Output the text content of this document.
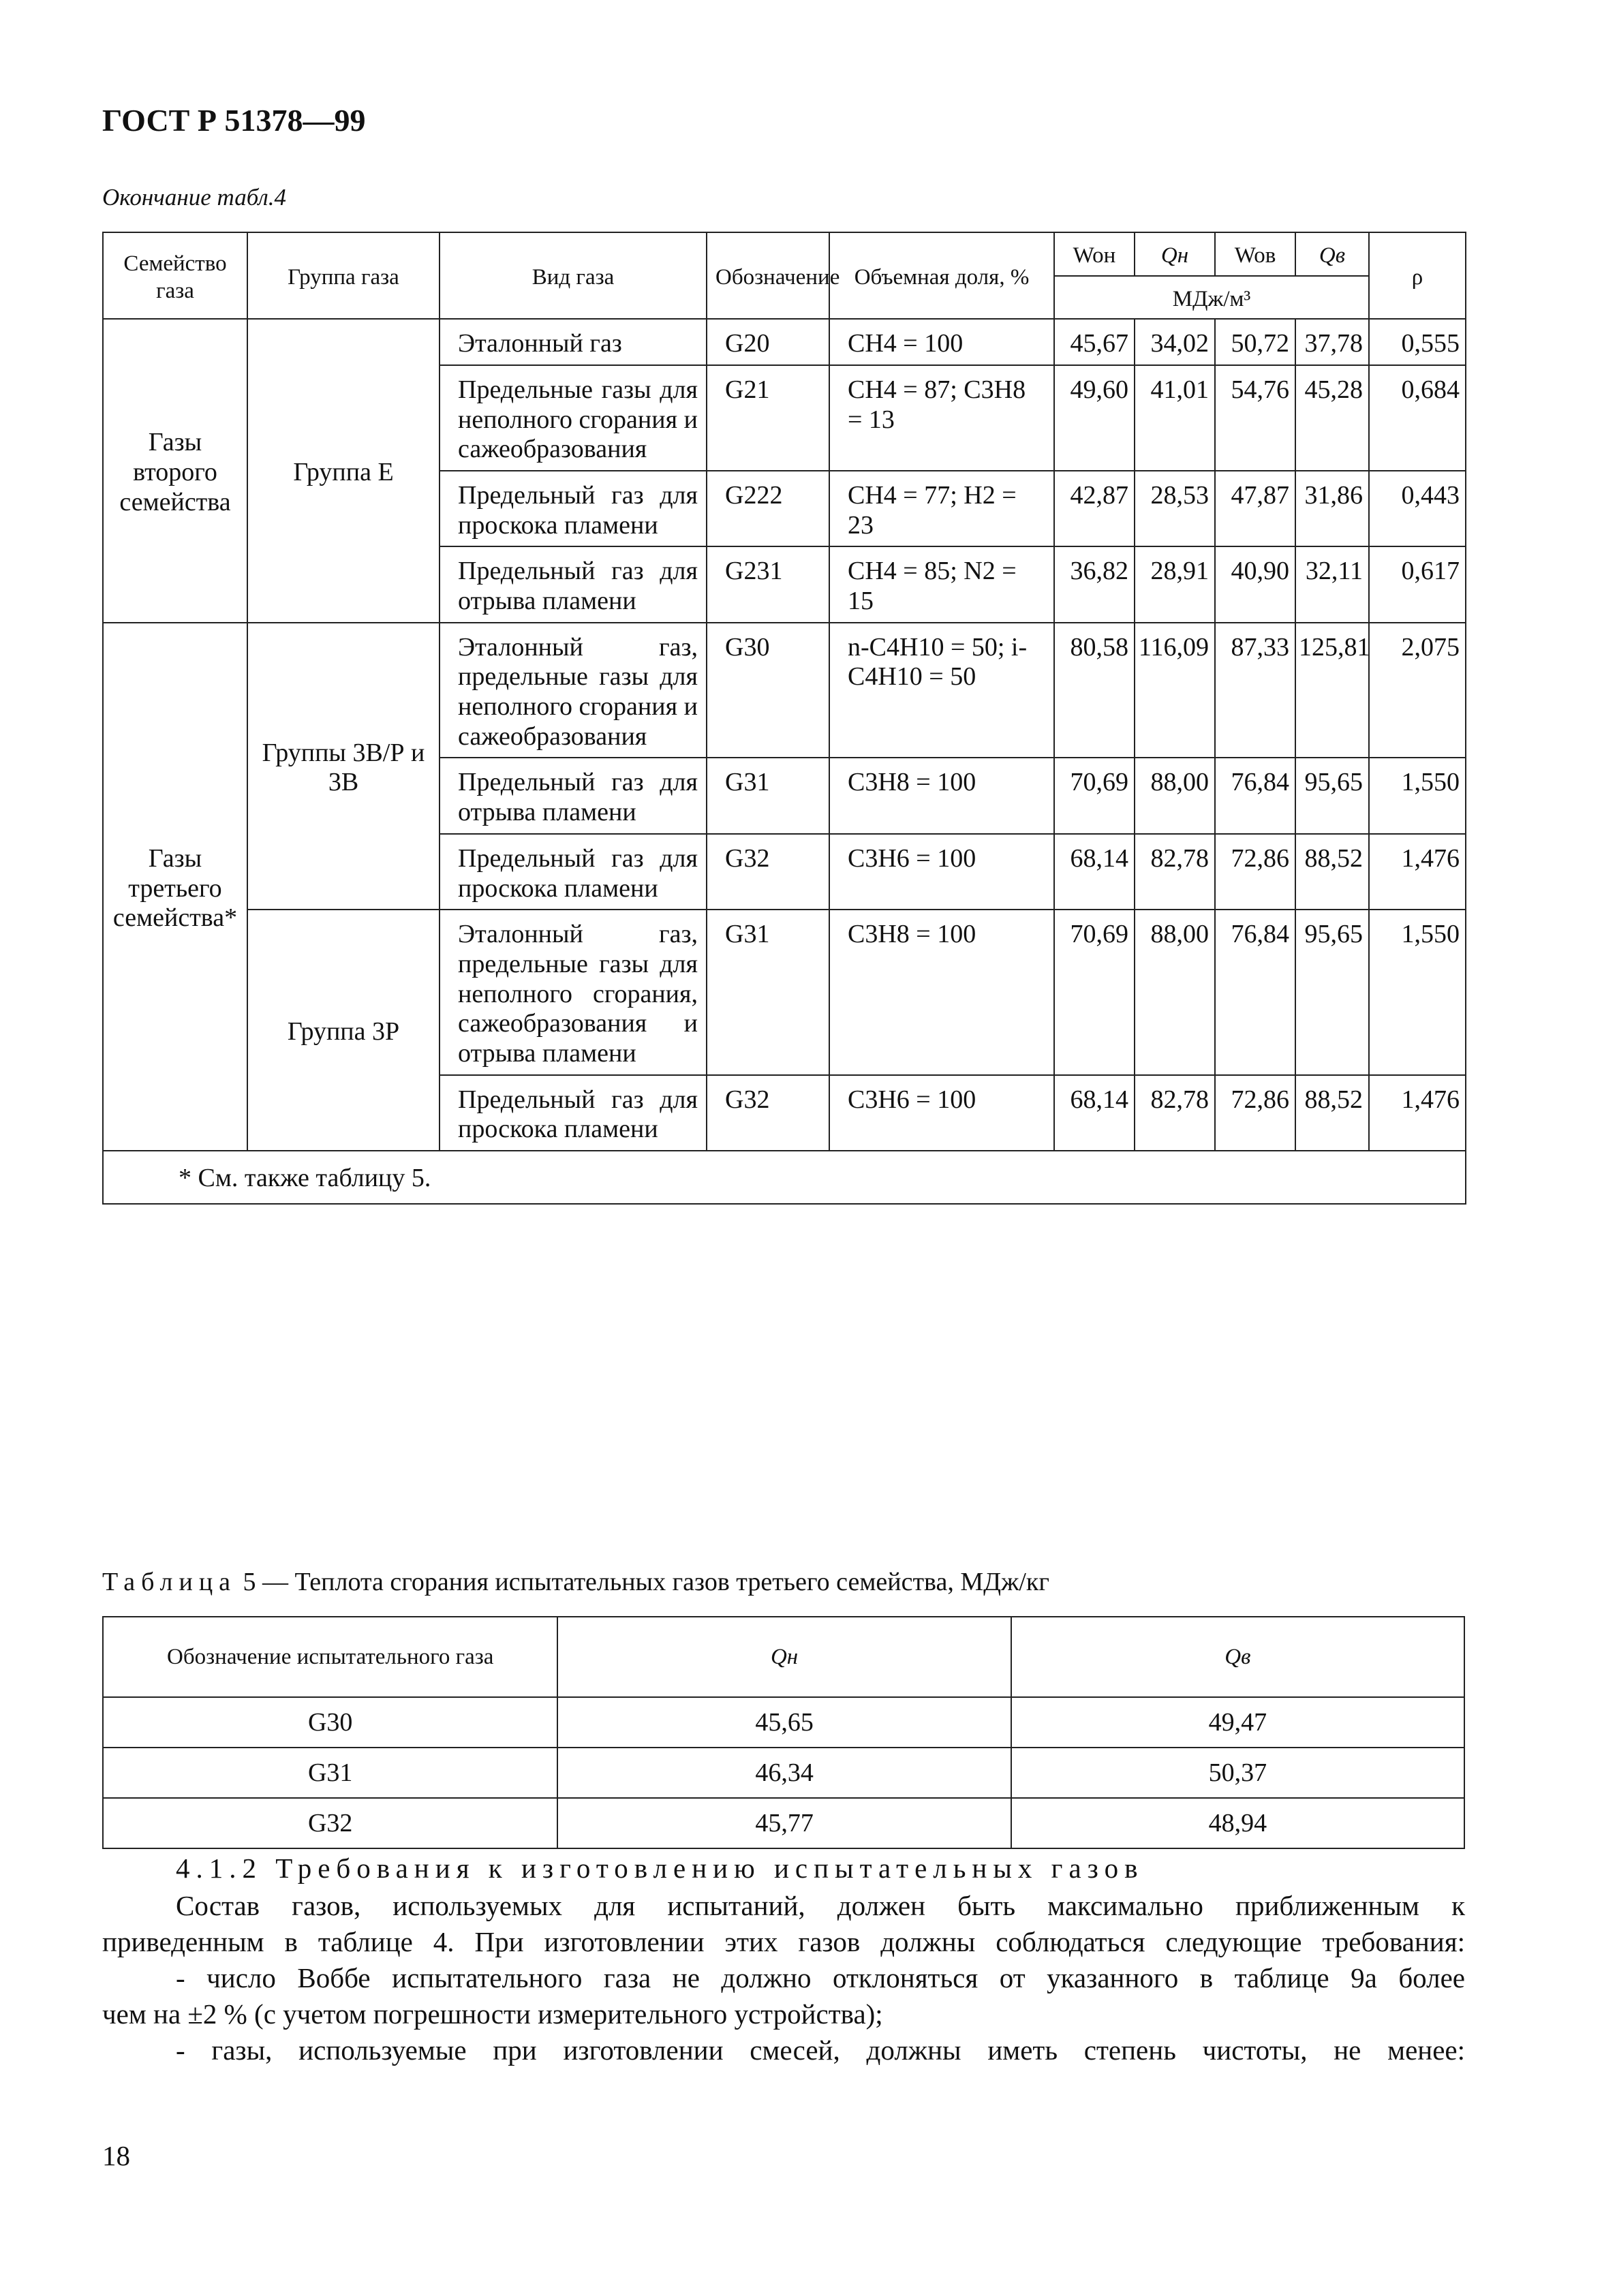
ГОСТ Р 51378—99
Окончание табл.4
Семейство газа	Группа газа	Вид газа	Обозначение	Объемная доля, %	Woн	Qн	Woв	Qв	ρ
					МДж/м³				
Газы второго семейства	Группа Е	Эталонный газ	G20	CH4 = 100	45,67	34,02	50,72	37,78	0,555
		Предельные газы для неполного сгорания и сажеобразования	G21	CH4 = 87; C3H8 = 13	49,60	41,01	54,76	45,28	0,684
		Предельный газ для проскока пламени	G222	CH4 = 77; H2 = 23	42,87	28,53	47,87	31,86	0,443
		Предельный газ для отрыва пламени	G231	CH4 = 85; N2 = 15	36,82	28,91	40,90	32,11	0,617
Газы третьего семейства*	Группы 3В/Р и 3В	Эталонный газ, предельные газы для неполного сгорания и сажеобразования	G30	n-C4H10 = 50; i-C4H10 = 50	80,58	116,09	87,33	125,81	2,075
		Предельный газ для отрыва пламени	G31	C3H8 = 100	70,69	88,00	76,84	95,65	1,550
		Предельный газ для проскока пламени	G32	C3H6 = 100	68,14	82,78	72,86	88,52	1,476
	Группа 3Р	Эталонный газ, предельные газы для неполного сгорания, сажеобразования и отрыва пламени	G31	C3H8 = 100	70,69	88,00	76,84	95,65	1,550
		Предельный газ для проскока пламени	G32	C3H6 = 100	68,14	82,78	72,86	88,52	1,476
* См. также таблицу 5.									
Таблица 5 — Теплота сгорания испытательных газов третьего семейства, МДж/кг
Обозначение испытательного газа	Qн	Qв
G30	45,65	49,47
G31	46,34	50,37
G32	45,77	48,94
4.1.2 Требования к изготовлению испытательных газов
Состав газов, используемых для испытаний, должен быть максимально приближенным к
приведенным в таблице 4. При изготовлении этих газов должны соблюдаться следующие требования:
- число Воббе испытательного газа не должно отклоняться от указанного в таблице 9а более
чем на ±2 % (с учетом погрешности измерительного устройства);
- газы, используемые при изготовлении смесей, должны иметь степень чистоты, не менее:
18
